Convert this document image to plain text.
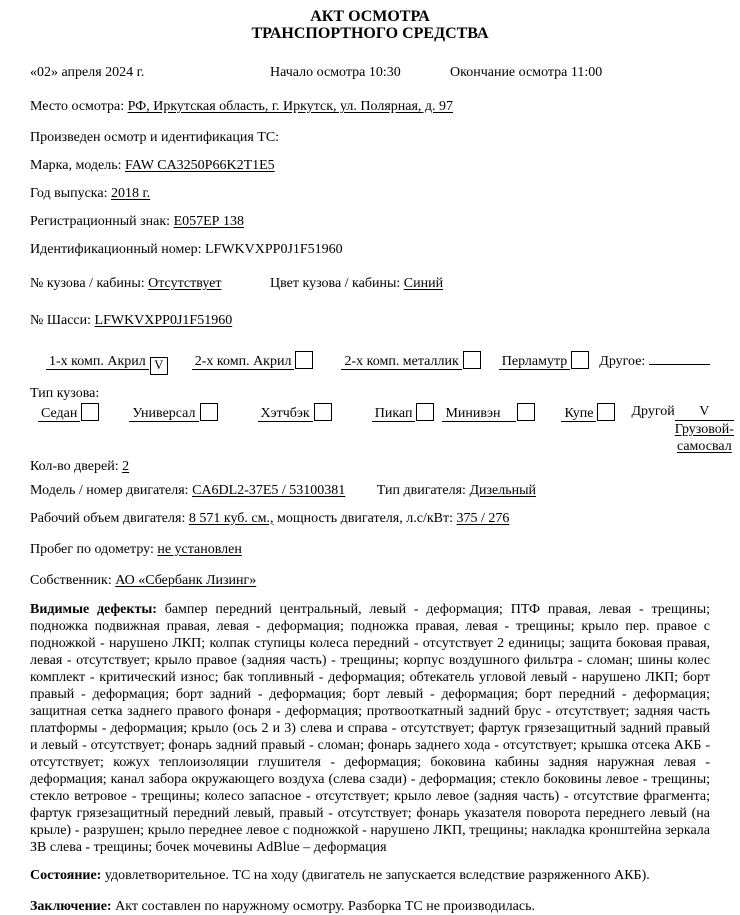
АКТ ОСМОТРА
ТРАНСПОРТНОГО СРЕДСТВА
«02» апреля 2024 г.	Начало осмотра 10:30	Окончание осмотра 11:00

Место осмотра: РФ, Иркутская область, г. Иркутск, ул. Полярная, д. 97

Произведен осмотр и идентификация ТС:

Марка, модель: FAW CA3250P66K2T1E5

Год выпуска: 2018 г.

Регистрационный знак: Е057ЕР 138

Идентификационный номер: LFWKVXPP0J1F51960

№ кузова / кабины: Отсутствует	Цвет кузова / кабины: Синий

№ Шасси: LFWKVXPP0J1F51960

1-х комп. Акрил V	2-х комп. Акрил	2-х комп. металлик	Перламутр	Другое:

Тип кузова:

Седан	Универсал	Хэтчбэк	Пикап	Минивэн	Купе	Другой	V
Грузовой-
самосвал

Кол-во дверей: 2

Модель / номер двигателя: CA6DL2-37E5 / 53100381 Тип двигателя: Дизельный

Рабочий объем двигателя: 8 571 куб. см., мощность двигателя, л.с/кВт: 375 / 276

Пробег по одометру: не установлен

Собственник: АО «Сбербанк Лизинг»

Видимые дефекты: бампер передний центральный, левый - деформация; ПТФ правая, левая - трещины; подножка подвижная правая, левая - деформация; подножка правая, левая - трещины; крыло пер. правое с подножкой - нарушено ЛКП; колпак ступицы колеса передний - отсутствует 2 единицы; защита боковая правая, левая - отсутствует; крыло правое (задняя часть) - трещины; корпус воздушного фильтра - сломан; шины колес комплект - критический износ; бак топливный - деформация; обтекатель угловой левый - нарушено ЛКП; борт правый - деформация; борт задний - деформация; борт левый - деформация; борт передний - деформация; защитная сетка заднего правого фонаря - деформация; протвооткатный задний брус - отсутствует; задняя часть платформы - деформация; крыло (ось 2 и 3) слева и справа - отсутствует; фартук грязезащитный задний правый и левый - отсутствует; фонарь задний правый - сломан; фонарь заднего хода - отсутствует; крышка отсека АКБ - отсутствует; кожух теплоизоляции глушителя - деформация; боковина кабины задняя наружная левая - деформация; канал забора окружающего воздуха (слева сзади) - деформация; стекло боковины левое - трещины; стекло ветровое - трещины; колесо запасное - отсутствует; крыло левое (задняя часть) - отсутствие фрагмента; фартук грязезащитный передний левый, правый - отсутствует; фонарь указателя поворота переднего левый (на крыле) - разрушен; крыло переднее левое с подножкой - нарушено ЛКП, трещины; накладка кронштейна зеркала ЗВ слева - трещины; бочек мочевины AdBlue – деформация

Состояние: удовлетворительное. ТС на ходу (двигатель не запускается вследствие разряженного АКБ).

Заключение: Акт составлен по наружному осмотру. Разборка ТС не производилась.
